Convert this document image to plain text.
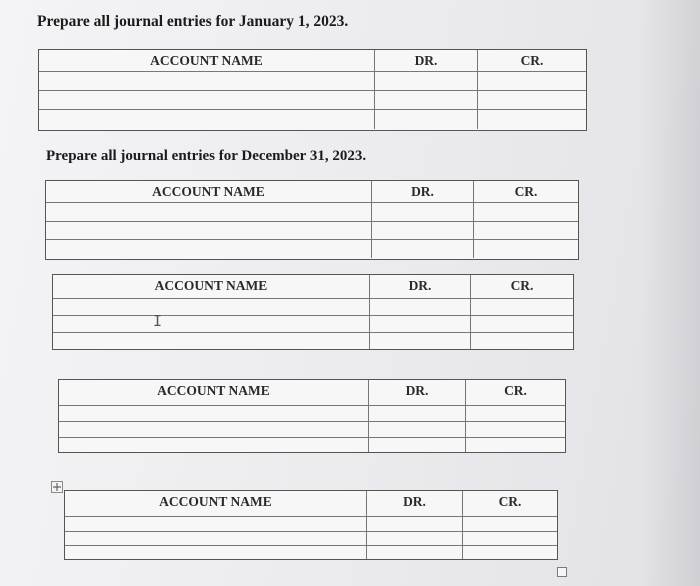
Prepare all journal entries for January 1, 2023.
ACCOUNT NAME	DR.	CR.
Prepare all journal entries for December 31, 2023.
ACCOUNT NAME	DR.	CR.
ACCOUNT NAME	DR.	CR.
I
ACCOUNT NAME	DR.	CR.
ACCOUNT NAME	DR.	CR.
